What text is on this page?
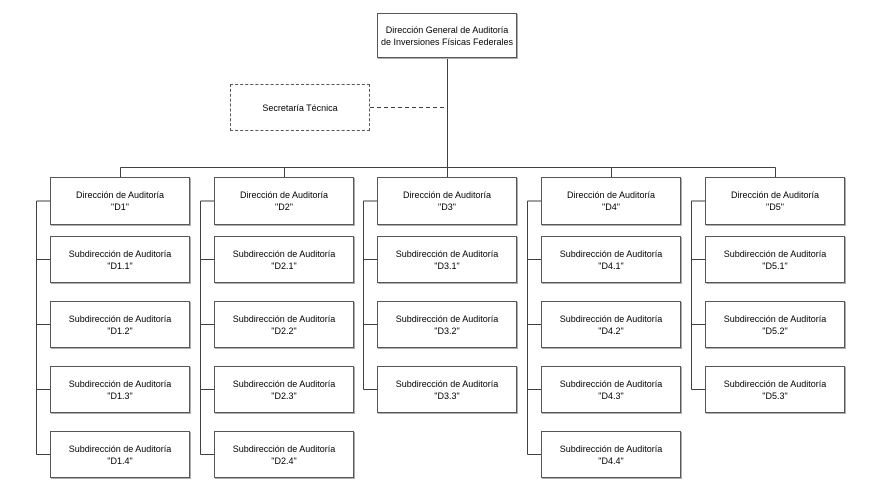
Dirección General de Auditoría
de Inversiones Físicas Federales
Secretaría Técnica
Dirección de Auditoría
"D1"
Subdirección de Auditoría
"D1.1"
Subdirección de Auditoría
"D1.2"
Subdirección de Auditoría
"D1.3"
Subdirección de Auditoría
"D1.4"
Dirección de Auditoría
"D2"
Subdirección de Auditoría
"D2.1"
Subdirección de Auditoría
"D2.2"
Subdirección de Auditoría
"D2.3"
Subdirección de Auditoría
"D2.4"
Dirección de Auditoría
"D3"
Subdirección de Auditoría
"D3.1"
Subdirección de Auditoría
"D3.2"
Subdirección de Auditoría
"D3.3"
Dirección de Auditoría
"D4"
Subdirección de Auditoría
"D4.1"
Subdirección de Auditoría
"D4.2"
Subdirección de Auditoría
"D4.3"
Subdirección de Auditoría
"D4.4"
Dirección de Auditoría
"D5"
Subdirección de Auditoría
"D5.1"
Subdirección de Auditoría
"D5.2"
Subdirección de Auditoría
"D5.3"
